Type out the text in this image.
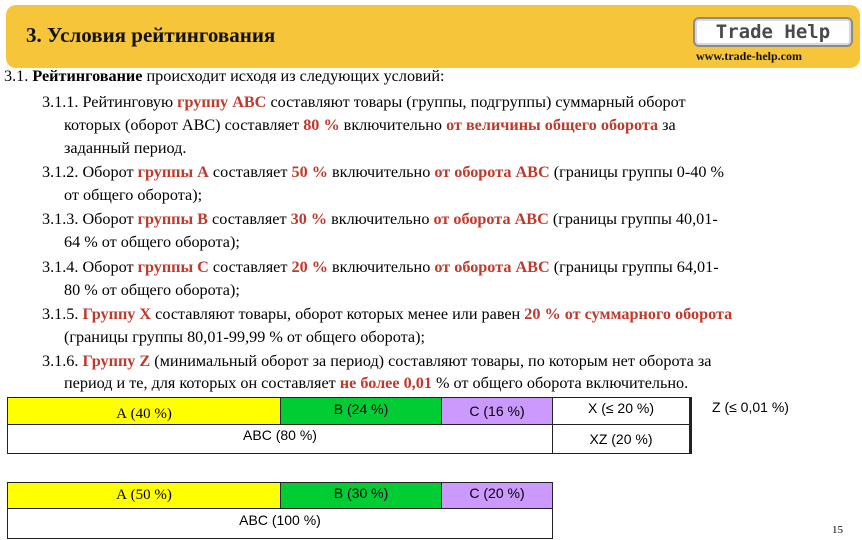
3. Условия рейтингования	Trade Help
www.trade-help.com
3.1. Рейтингование происходит исходя из следующих условий:
3.1.1. Рейтинговую группу ABC составляют товары (группы, подгруппы) суммарный оборот
которых (оборот ABC) составляет 80 % включительно от величины общего оборота за
заданный период.
3.1.2. Оборот группы А составляет 50 % включительно от оборота ABC (границы группы 0-40 %
от общего оборота);
3.1.3. Оборот группы В составляет 30 % включительно от оборота ABC (границы группы 40,01-
64 % от общего оборота);
3.1.4. Оборот группы С составляет 20 % включительно от оборота ABC (границы группы 64,01-
80 % от общего оборота);
3.1.5. Группу X составляют товары, оборот которых менее или равен 20 % от суммарного оборота
(границы группы 80,01-99,99 % от общего оборота);
3.1.6. Группу Z (минимальный оборот за период) составляют товары, по которым нет оборота за
период и те, для которых он составляет не более 0,01 % от общего оборота включительно.
А (40 %)	В (24 %)	С (16 %)	X (≤ 20 %)	Z (≤ 0,01 %)
ABC (80 %)	XZ (20 %)
А (50 %)	В (30 %)	С (20 %)
ABC (100 %)
15
